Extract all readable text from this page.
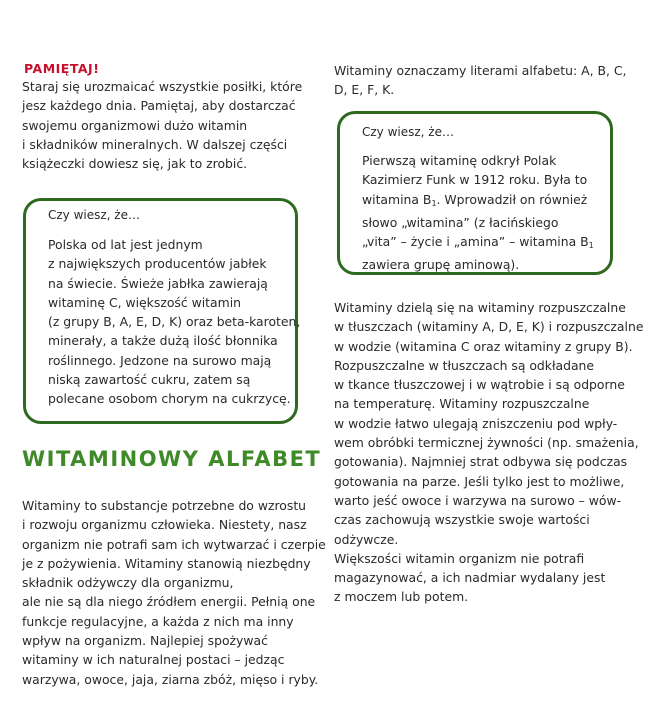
PAMIĘTAJ!

Staraj się urozmaicać wszystkie posiłki, które
jesz każdego dnia. Pamiętaj, aby dostarczać
swojemu organizmowi dużo witamin
i składników mineralnych. W dalszej części
książeczki dowiesz się, jak to zrobić.

Czy wiesz, że…

Polska od lat jest jednym
z największych producentów jabłek
na świecie. Świeże jabłka zawierają
witaminę C, większość witamin
(z grupy B, A, E, D, K) oraz beta-karoten,
minerały, a także dużą ilość błonnika
roślinnego. Jedzone na surowo mają
niską zawartość cukru, zatem są
polecane osobom chorym na cukrzycę.

WITAMINOWY ALFABET

Witaminy to substancje potrzebne do wzrostu
i rozwoju organizmu człowieka. Niestety, nasz
organizm nie potrafi sam ich wytwarzać i czerpie
je z pożywienia. Witaminy stanowią niezbędny
składnik odżywczy dla organizmu,
ale nie są dla niego źródłem energii. Pełnią one
funkcje regulacyjne, a każda z nich ma inny
wpływ na organizm. Najlepiej spożywać
witaminy w ich naturalnej postaci – jedząc
warzywa, owoce, jaja, ziarna zbóż, mięso i ryby.

Witaminy oznaczamy literami alfabetu: A, B, C,
D, E, F, K.

Czy wiesz, że…

Pierwszą witaminę odkrył Polak
Kazimierz Funk w 1912 roku. Była to
witamina $B_1$. Wprowadził on również
słowo „witamina” (z łacińskiego
„vita” – życie i „amina” – witamina $B_1$
zawiera grupę aminową).

Witaminy dzielą się na witaminy rozpuszczalne
w tłuszczach (witaminy A, D, E, K) i rozpuszczalne
w wodzie (witamina C oraz witaminy z grupy B).
Rozpuszczalne w tłuszczach są odkładane
w tkance tłuszczowej i w wątrobie i są odporne
na temperaturę. Witaminy rozpuszczalne
w wodzie łatwo ulegają zniszczeniu pod wpły-
wem obróbki termicznej żywności (np. smażenia,
gotowania). Najmniej strat odbywa się podczas
gotowania na parze. Jeśli tylko jest to możliwe,
warto jeść owoce i warzywa na surowo – wów-
czas zachowują wszystkie swoje wartości
odżywcze.
Większości witamin organizm nie potrafi
magazynować, a ich nadmiar wydalany jest
z moczem lub potem.
